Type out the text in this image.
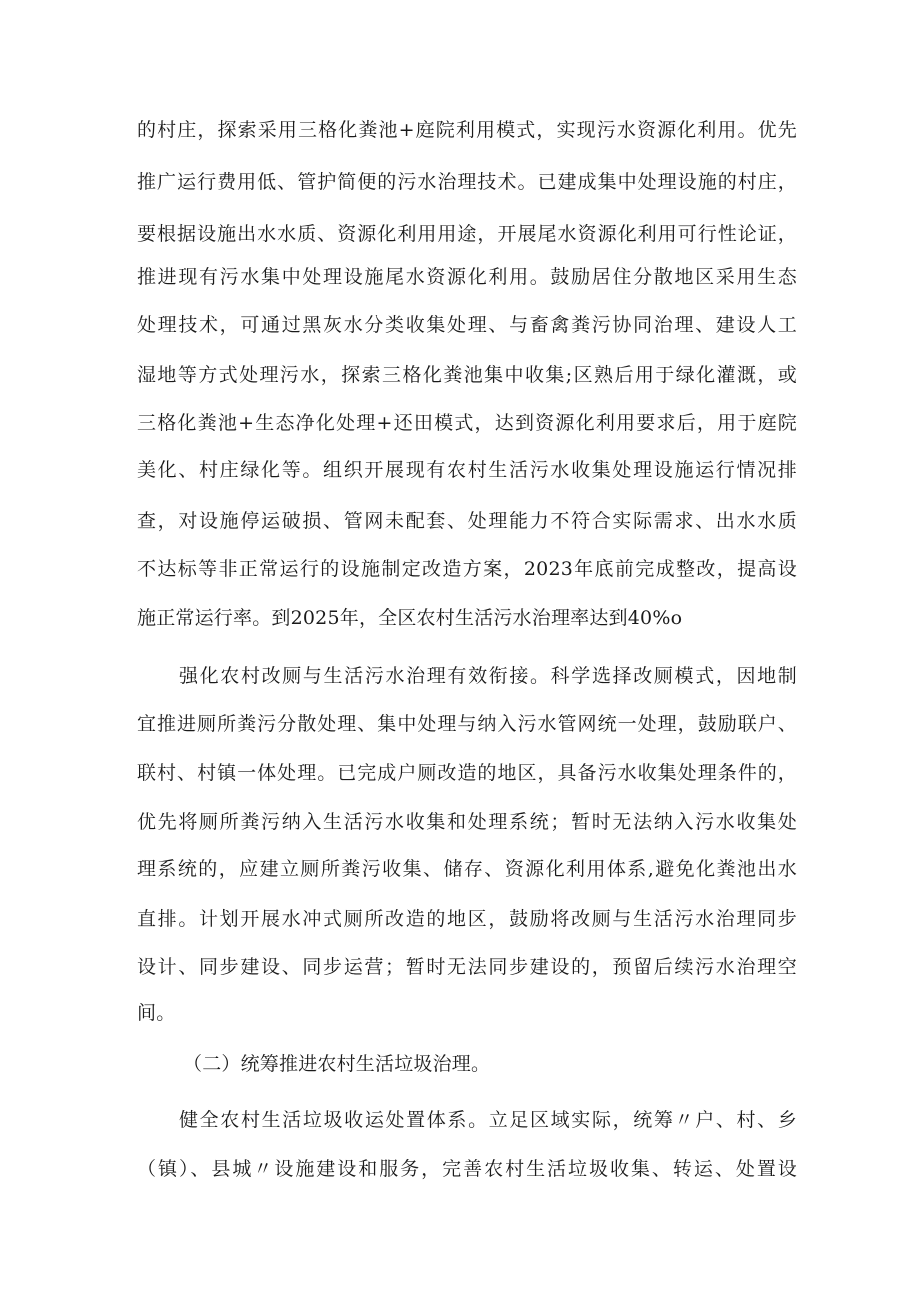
的村庄，探索采用三格化粪池+庭院利用模式，实现污水资源化利用。优先
推广运行费用低、管护简便的污水治理技术。已建成集中处理设施的村庄，
要根据设施出水水质、资源化利用用途，开展尾水资源化利用可行性论证，
推进现有污水集中处理设施尾水资源化利用。鼓励居住分散地区采用生态
处理技术，可通过黑灰水分类收集处理、与畜禽粪污协同治理、建设人工
湿地等方式处理污水，探索三格化粪池集中收集;区熟后用于绿化灌溉，或
三格化粪池+生态净化处理+还田模式，达到资源化利用要求后，用于庭院
美化、村庄绿化等。组织开展现有农村生活污水收集处理设施运行情况排
查，对设施停运破损、管网未配套、处理能力不符合实际需求、出水水质
不达标等非正常运行的设施制定改造方案，2023年底前完成整改，提高设
施正常运行率。到2025年，全区农村生活污水治理率达到40%o
强化农村改厕与生活污水治理有效衔接。科学选择改厕模式，因地制
宜推进厕所粪污分散处理、集中处理与纳入污水管网统一处理，鼓励联户、
联村、村镇一体处理。已完成户厕改造的地区，具备污水收集处理条件的，
优先将厕所粪污纳入生活污水收集和处理系统；暂时无法纳入污水收集处
理系统的，应建立厕所粪污收集、储存、资源化利用体系,避免化粪池出水
直排。计划开展水冲式厕所改造的地区，鼓励将改厕与生活污水治理同步
设计、同步建设、同步运营；暂时无法同步建设的，预留后续污水治理空
间。
（二）统筹推进农村生活垃圾治理。
健全农村生活垃圾收运处置体系。立足区域实际，统筹〃户、村、乡
（镇）、县城〃设施建设和服务，完善农村生活垃圾收集、转运、处置设
